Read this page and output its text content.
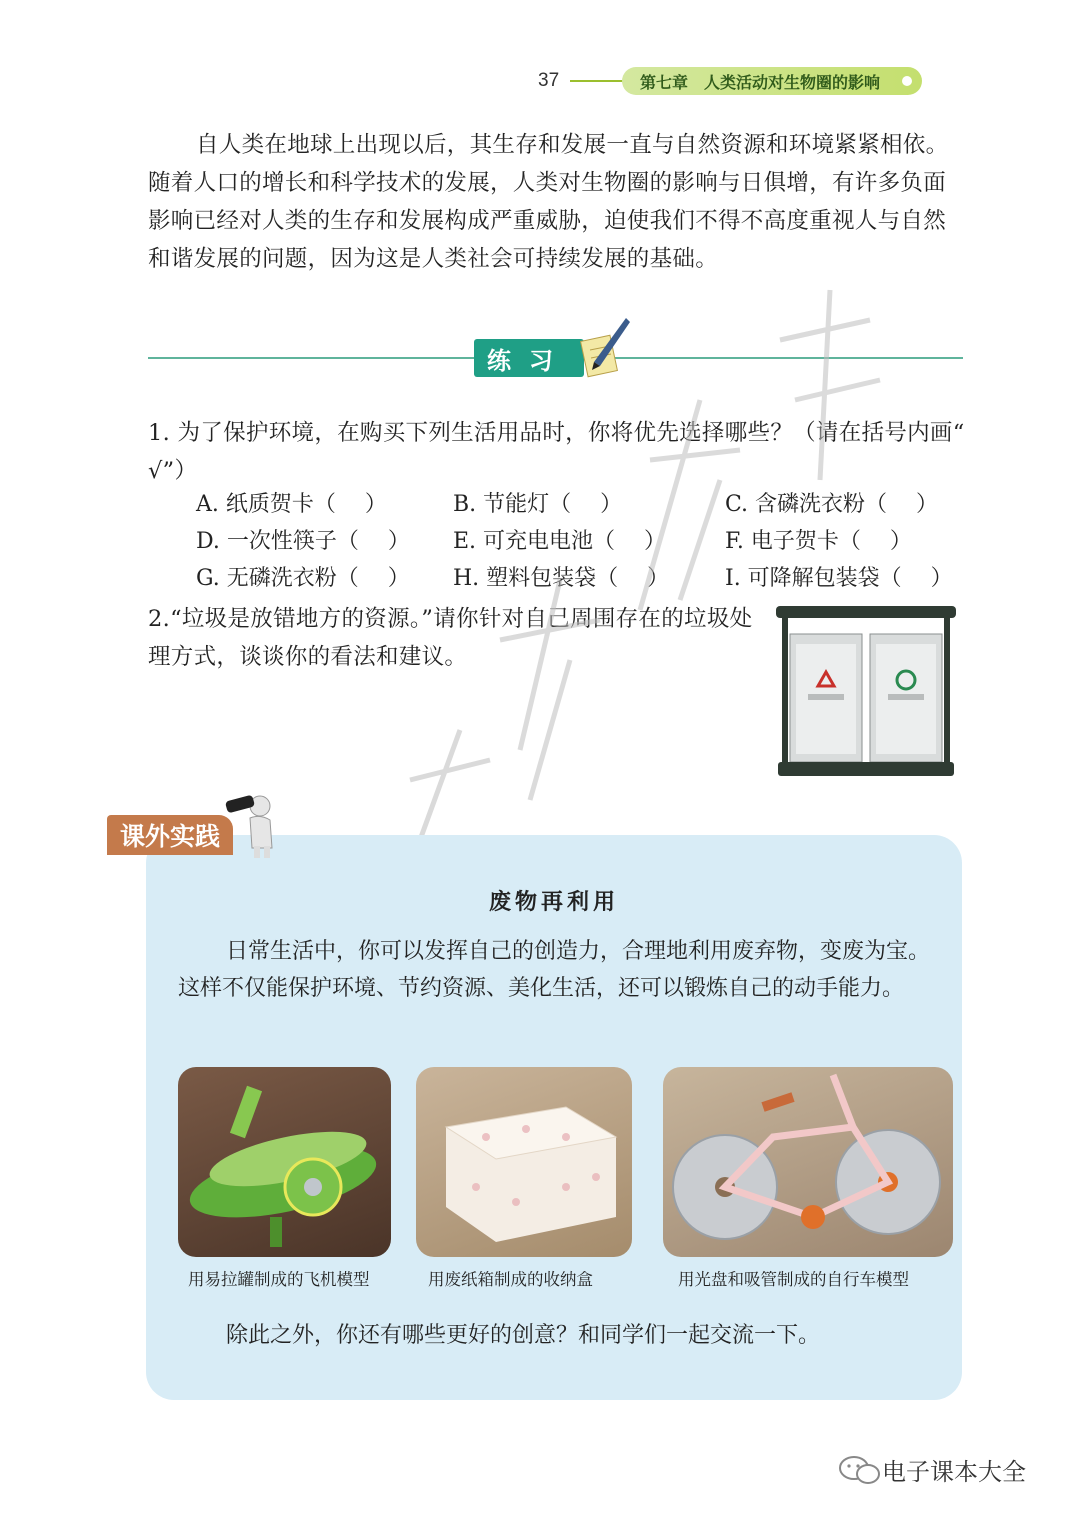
37	第七章　人类活动对生物圈的影响

自人类在地球上出现以后，其生存和发展一直与自然资源和环境紧紧相依。随着人口的增长和科学技术的发展，人类对生物圈的影响与日俱增，有许多负面影响已经对人类的生存和发展构成严重威胁，迫使我们不得不高度重视人与自然和谐发展的问题，因为这是人类社会可持续发展的基础。

练习

1. 为了保护环境，在购买下列生活用品时，你将优先选择哪些？（请在括号内画“ √”）

A. 纸质贺卡（　 ）	B. 节能灯（　 ）	C. 含磷洗衣粉（　 ）
D. 一次性筷子（　 ）	E. 可充电电池（　 ）	F. 电子贺卡（　 ）
G. 无磷洗衣粉（　 ）	H. 塑料包装袋（　 ）	I. 可降解包装袋（　 ）

2.“垃圾是放错地方的资源。”请你针对自己周围存在的垃圾处理方式，谈谈你的看法和建议。

课外实践
废物再利用

日常生活中，你可以发挥自己的创造力，合理地利用废弃物，变废为宝。这样不仅能保护环境、节约资源、美化生活，还可以锻炼自己的动手能力。

用易拉罐制成的飞机模型	用废纸箱制成的收纳盒	用光盘和吸管制成的自行车模型

除此之外，你还有哪些更好的创意？和同学们一起交流一下。

电子课本大全
